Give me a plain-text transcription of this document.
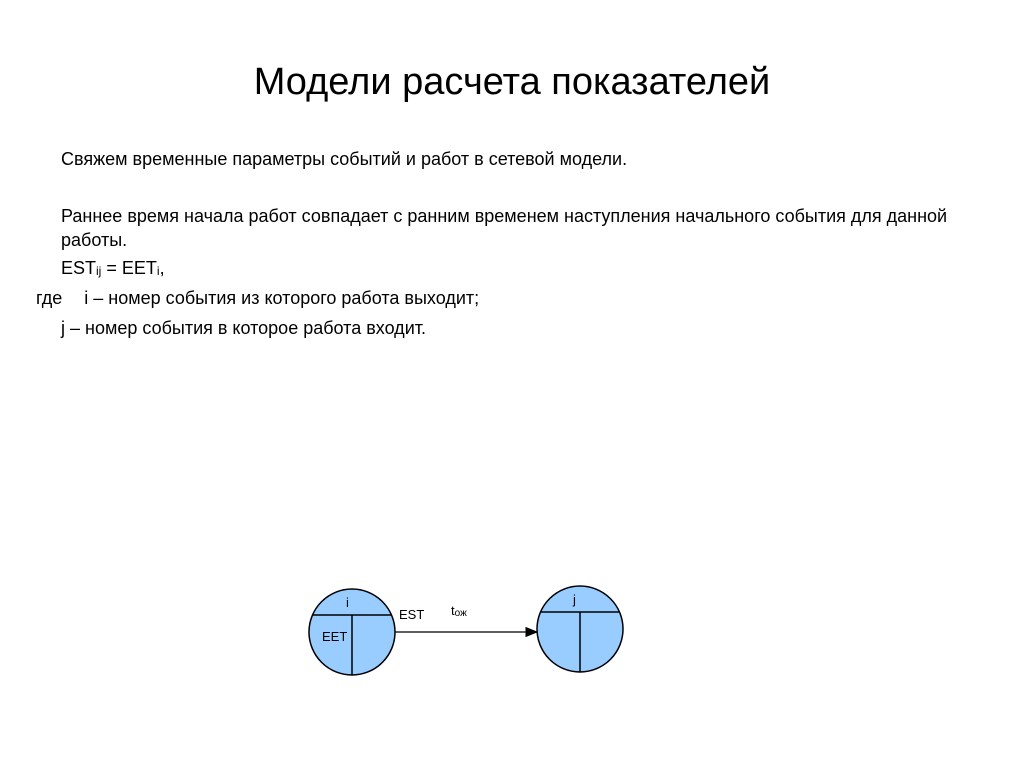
Модели расчета показателей
Свяжем временные параметры событий и работ в сетевой модели.
Раннее время начала работ совпадает с ранним временем наступления начального события для данной работы.
$EST_{ij} = EET_i$,
где i – номер события из которого работа выходит;
j – номер события в которое работа входит.
i
EET
EST tож
j
